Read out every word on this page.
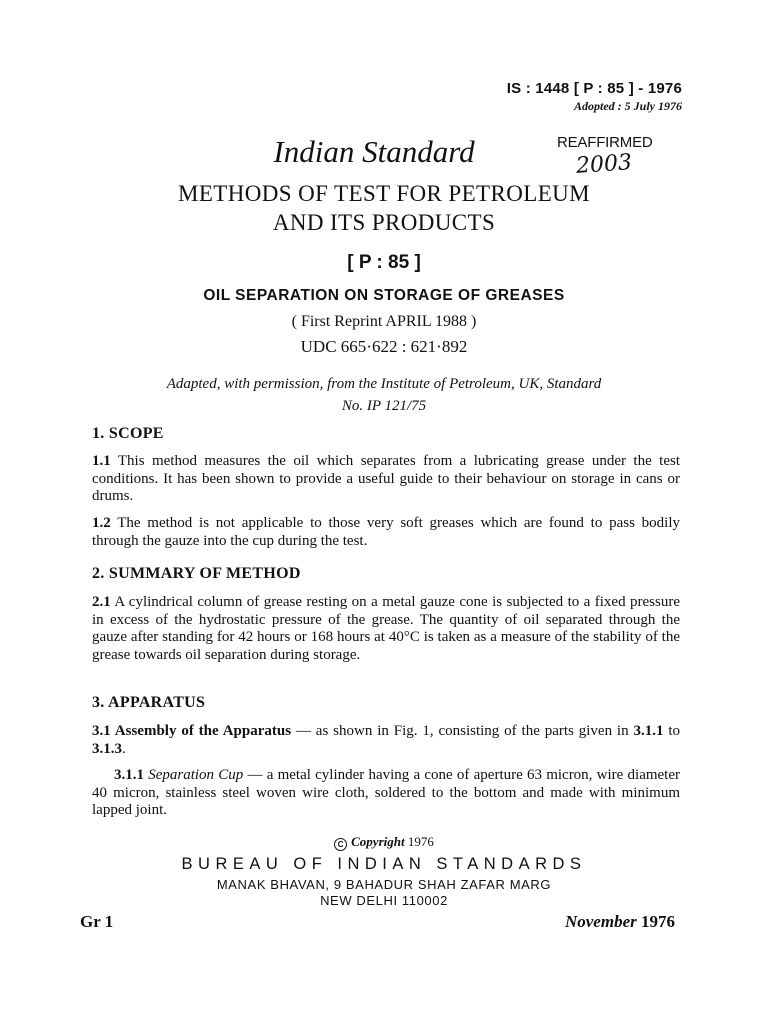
IS : 1448 [ P : 85 ] - 1976
Adopted : 5 July 1976
Indian Standard	REAFFIRMED
2003
METHODS OF TEST FOR PETROLEUM
AND ITS PRODUCTS
[ P : 85 ]
OIL SEPARATION ON STORAGE OF GREASES
( First Reprint APRIL 1988 )
UDC 665·622 : 621·892
Adapted, with permission, from the Institute of Petroleum, UK, Standard
No. IP 121/75
1. SCOPE
1.1 This method measures the oil which separates from a lubricating grease under the test conditions. It has been shown to provide a useful guide to their behaviour on storage in cans or drums.
1.2 The method is not applicable to those very soft greases which are found to pass bodily through the gauze into the cup during the test.
2. SUMMARY OF METHOD
2.1 A cylindrical column of grease resting on a metal gauze cone is subjected to a fixed pressure in excess of the hydrostatic pressure of the grease. The quantity of oil separated through the gauze after standing for 42 hours or 168 hours at 40°C is taken as a measure of the stability of the grease towards oil separation during storage.
3. APPARATUS
3.1 Assembly of the Apparatus — as shown in Fig. 1, consisting of the parts given in 3.1.1 to 3.1.3.
3.1.1 Separation Cup — a metal cylinder having a cone of aperture 63 micron, wire diameter 40 micron, stainless steel woven wire cloth, soldered to the bottom and made with minimum lapped joint.
C Copyright 1976
BUREAU OF INDIAN STANDARDS
MANAK BHAVAN, 9 BAHADUR SHAH ZAFAR MARG
NEW DELHI 110002
Gr 1	November 1976
